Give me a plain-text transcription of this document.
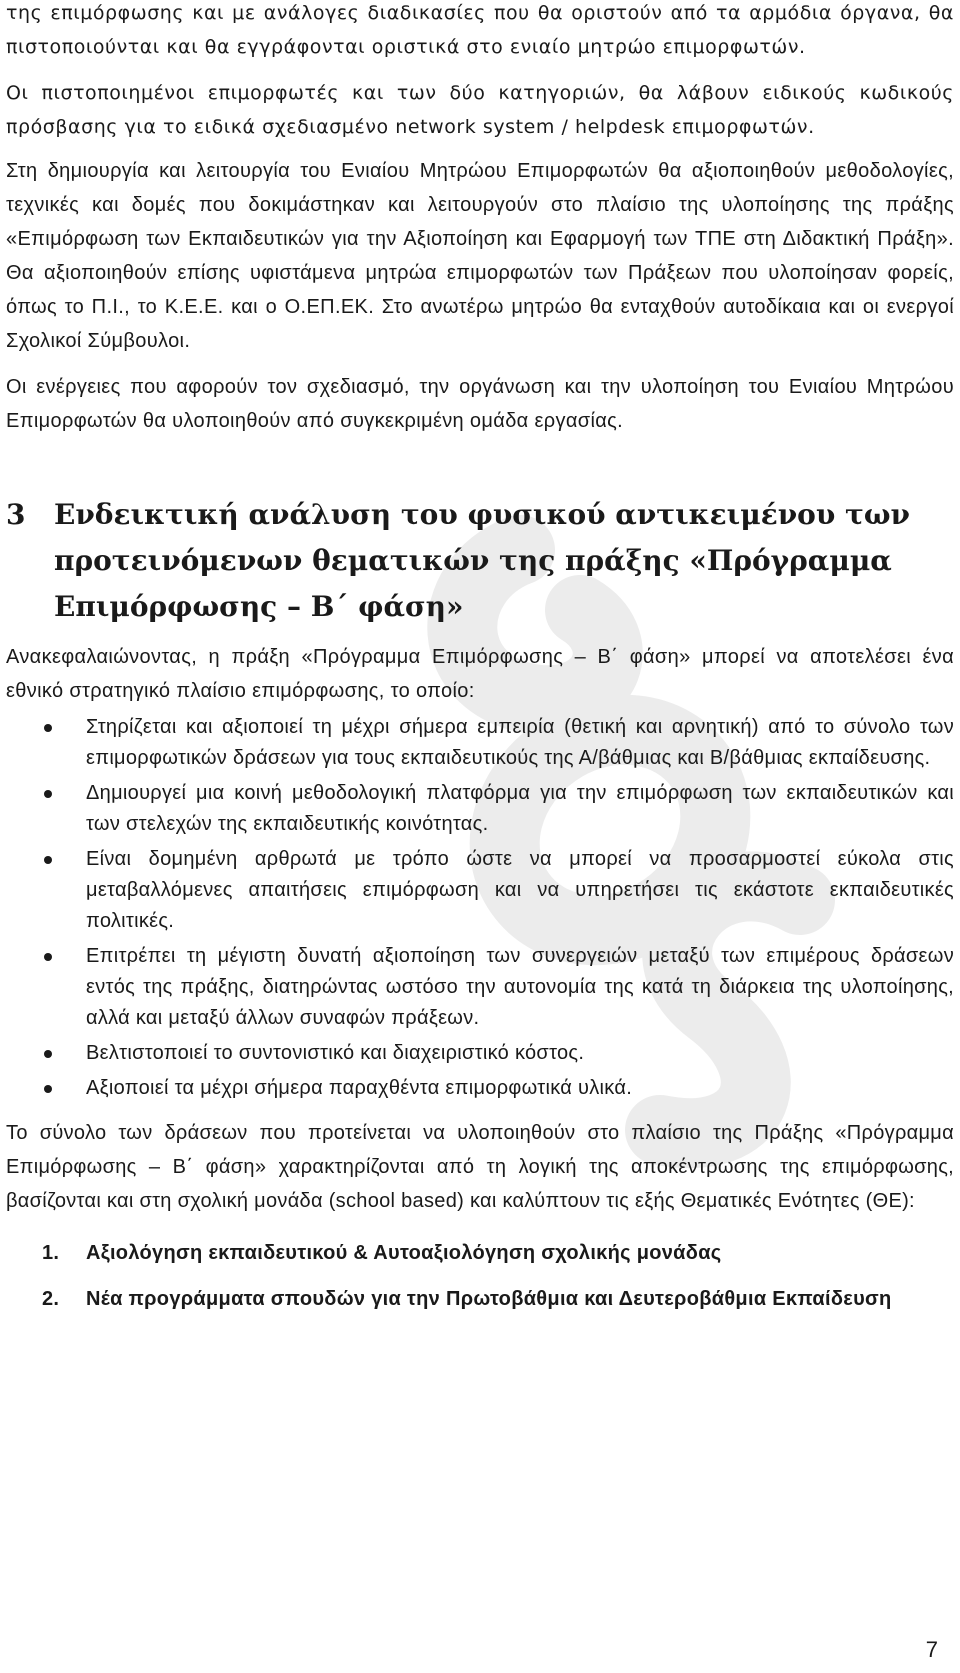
της επιμόρφωσης και με ανάλογες διαδικασίες που θα οριστούν από τα αρμόδια όργανα, θα πιστοποιούνται και θα εγγράφονται οριστικά στο ενιαίο μητρώο επιμορφωτών.

Οι πιστοποιημένοι επιμορφωτές και των δύο κατηγοριών, θα λάβουν ειδικούς κωδικούς πρόσβασης για το ειδικά σχεδιασμένο network system / helpdesk επιμορφωτών.

Στη δημιουργία και λειτουργία του Ενιαίου Μητρώου Επιμορφωτών θα αξιοποιηθούν μεθοδολογίες, τεχνικές και δομές που δοκιμάστηκαν και λειτουργούν στο πλαίσιο της υλοποίησης της πράξης «Επιμόρφωση των Εκπαιδευτικών για την Αξιοποίηση και Εφαρμογή των ΤΠΕ στη Διδακτική Πράξη». Θα αξιοποιηθούν επίσης υφιστάμενα μητρώα επιμορφωτών των Πράξεων που υλοποίησαν φορείς, όπως το Π.Ι., το Κ.Ε.Ε. και ο Ο.ΕΠ.ΕΚ. Στο ανωτέρω μητρώο θα ενταχθούν αυτοδίκαια και οι ενεργοί Σχολικοί Σύμβουλοι.

Οι ενέργειες που αφορούν τον σχεδιασμό, την οργάνωση και την υλοποίηση του Ενιαίου Μητρώου Επιμορφωτών θα υλοποιηθούν από συγκεκριμένη ομάδα εργασίας.

3	Ενδεικτική ανάλυση του φυσικού αντικειμένου των προτεινόμενων θεματικών της πράξης «Πρόγραμμα Επιμόρφωσης – Β΄ φάση»

Ανακεφαλαιώνοντας, η πράξη «Πρόγραμμα Επιμόρφωσης – Β΄ φάση» μπορεί να αποτελέσει ένα εθνικό στρατηγικό πλαίσιο επιμόρφωσης, το οποίο:

Στηρίζεται και αξιοποιεί τη μέχρι σήμερα εμπειρία (θετική και αρνητική) από το σύνολο των επιμορφωτικών δράσεων για τους εκπαιδευτικούς της Α/βάθμιας και Β/βάθμιας εκπαίδευσης.
Δημιουργεί μια κοινή μεθοδολογική πλατφόρμα για την επιμόρφωση των εκπαιδευτικών και των στελεχών της εκπαιδευτικής κοινότητας.
Είναι δομημένη αρθρωτά με τρόπο ώστε να μπορεί να προσαρμοστεί εύκολα στις μεταβαλλόμενες απαιτήσεις επιμόρφωση και να υπηρετήσει τις εκάστοτε εκπαιδευτικές πολιτικές.
Επιτρέπει τη μέγιστη δυνατή αξιοποίηση των συνεργειών μεταξύ των επιμέρους δράσεων εντός της πράξης, διατηρώντας ωστόσο την αυτονομία της κατά τη διάρκεια της υλοποίησης, αλλά και μεταξύ άλλων συναφών πράξεων.
Βελτιστοποιεί το συντονιστικό και διαχειριστικό κόστος.
Αξιοποιεί τα μέχρι σήμερα παραχθέντα επιμορφωτικά υλικά.

Το σύνολο των δράσεων που προτείνεται να υλοποιηθούν στο πλαίσιο της Πράξης «Πρόγραμμα Επιμόρφωσης – Β΄ φάση» χαρακτηρίζονται από τη λογική της αποκέντρωσης της επιμόρφωσης, βασίζονται και στη σχολική μονάδα (school based) και καλύπτουν τις εξής Θεματικές Ενότητες (ΘΕ):

1. Αξιολόγηση εκπαιδευτικού & Αυτοαξιολόγηση σχολικής μονάδας
2. Νέα προγράμματα σπουδών για την Πρωτοβάθμια και Δευτεροβάθμια Εκπαίδευση
7
